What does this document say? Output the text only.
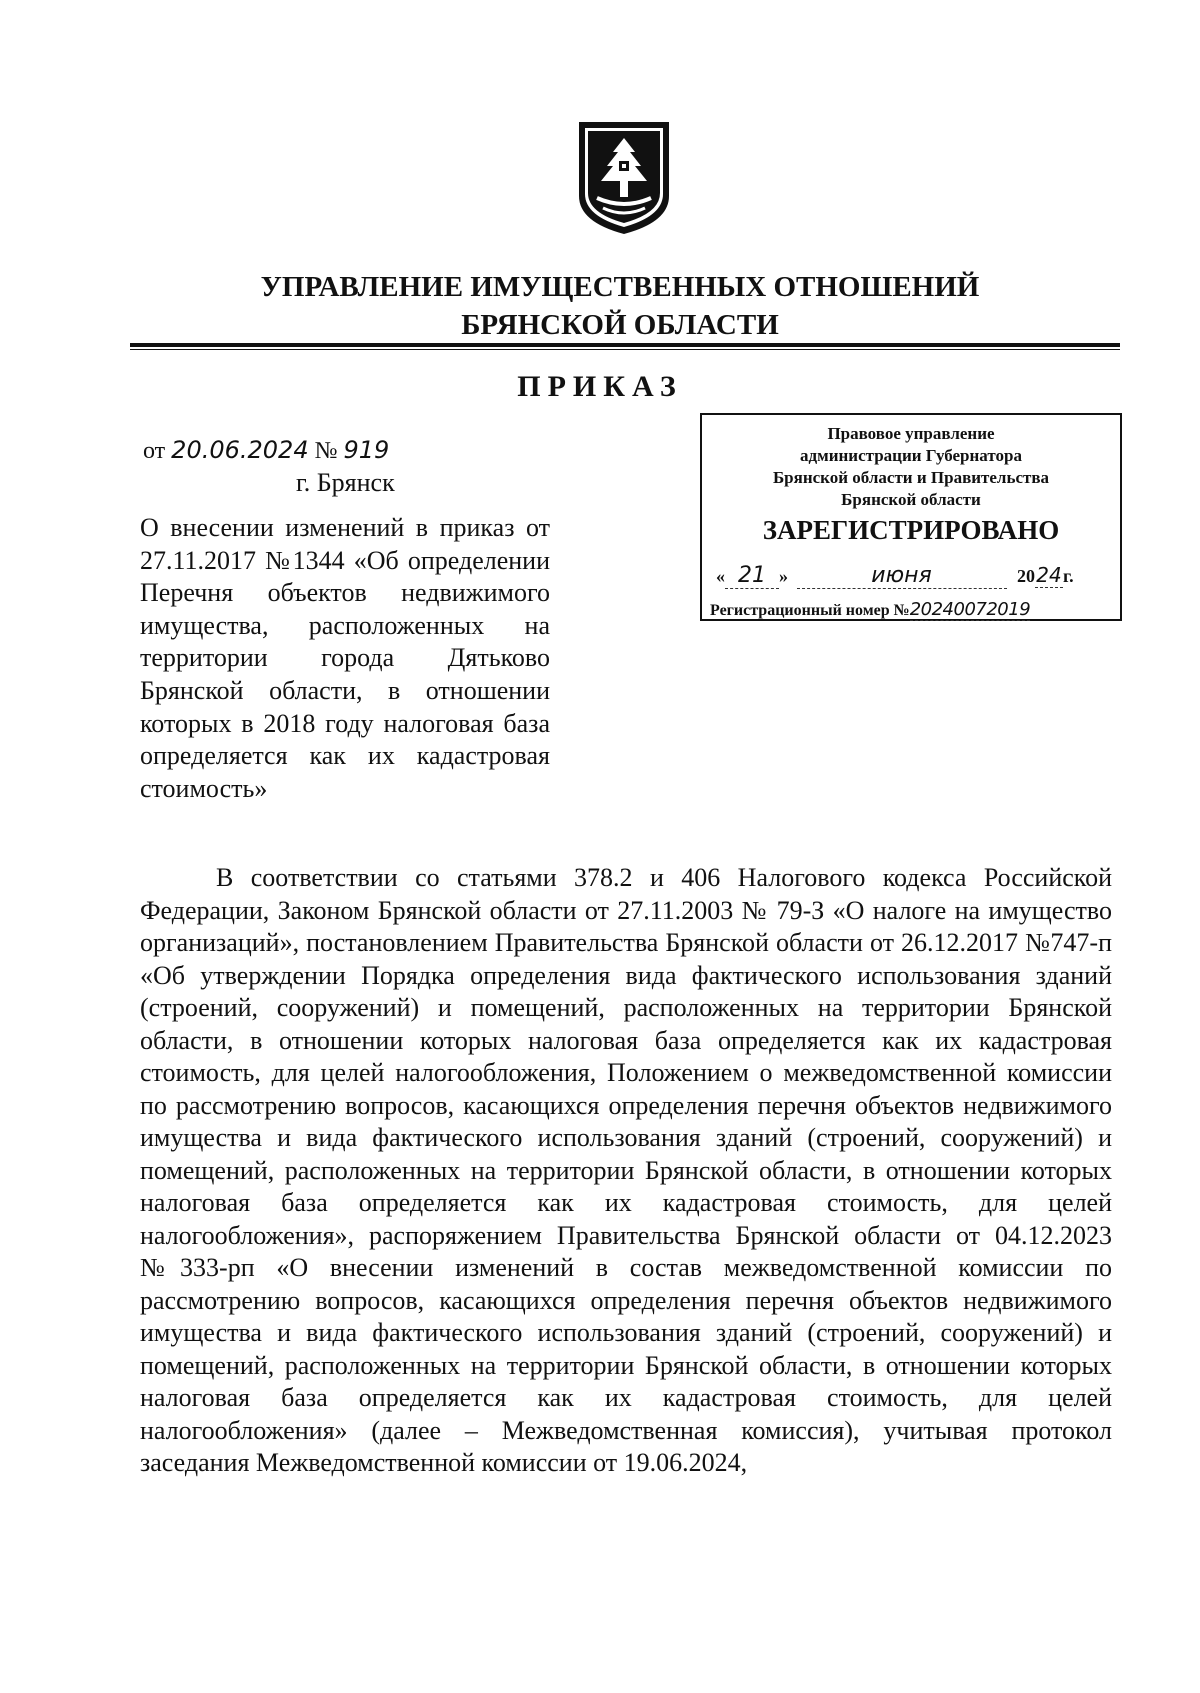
УПРАВЛЕНИЕ ИМУЩЕСТВЕННЫХ ОТНОШЕНИЙ
БРЯНСКОЙ ОБЛАСТИ
ПРИКАЗ
Правовое управление
администрации Губернатора
Брянской области и Правительства
Брянской области
ЗАРЕГИСТРИРОВАНО
« 21 »	июня	2024г.
Регистрационный номер №20240072019
от 20.06.2024 № 919
г. Брянск
О внесении изменений в приказ от 27.11.2017 №1344 «Об определении Перечня объектов недвижимого имущества, расположенных на территории города Дятьково Брянской области, в отношении которых в 2018 году налоговая база определяется как их кадастровая стоимость»
В соответствии со статьями 378.2 и 406 Налогового кодекса Российской Федерации, Законом Брянской области от 27.11.2003 № 79-З «О налоге на имущество организаций», постановлением Правительства Брянской области от 26.12.2017 №747-п «Об утверждении Порядка определения вида фактического использования зданий (строений, сооружений) и помещений, расположенных на территории Брянской области, в отношении которых налоговая база определяется как их кадастровая стоимость, для целей налогообложения, Положением о межведомственной комиссии по рассмотрению вопросов, касающихся определения перечня объектов недвижимого имущества и вида фактического использования зданий (строений, сооружений) и помещений, расположенных на территории Брянской области, в отношении которых налоговая база определяется как их кадастровая стоимость, для целей налогообложения», распоряжением Правительства Брянской области от 04.12.2023 №333-рп «О внесении изменений в состав межведомственной комиссии по рассмотрению вопросов, касающихся определения перечня объектов недвижимого имущества и вида фактического использования зданий (строений, сооружений) и помещений, расположенных на территории Брянской области, в отношении которых налоговая база определяется как их кадастровая стоимость, для целей налогообложения» (далее – Межведомственная комиссия), учитывая протокол заседания Межведомственной комиссии от 19.06.2024,
